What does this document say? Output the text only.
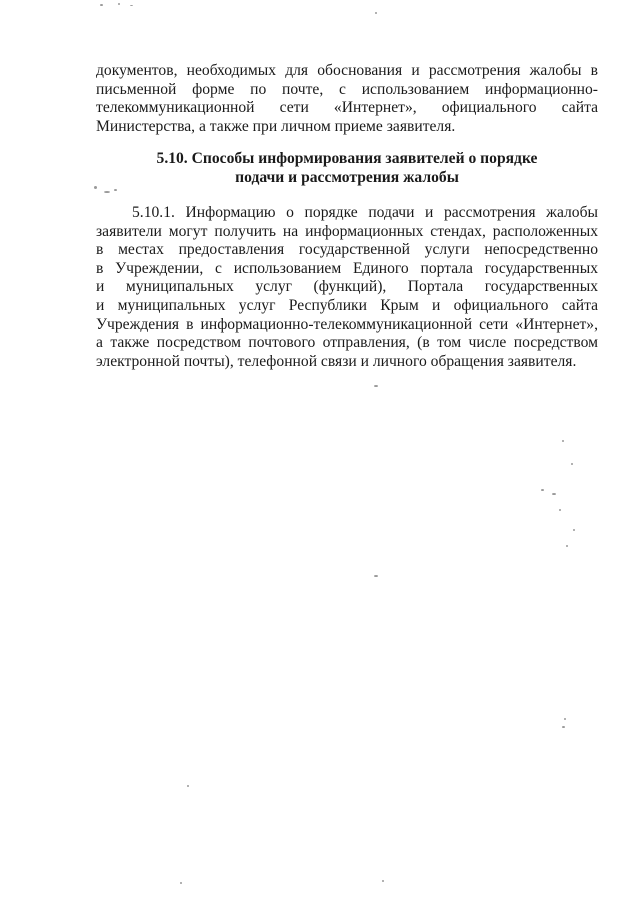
документов, необходимых для обоснования и рассмотрения жалобы в
письменной форме по почте, с использованием информационно-
телекоммуникационной сети «Интернет», официального сайта
Министерства, а также при личном приеме заявителя.
5.10. Способы информирования заявителей о порядке
подачи и рассмотрения жалобы
5.10.1. Информацию о порядке подачи и рассмотрения жалобы
заявители могут получить на информационных стендах, расположенных
в местах предоставления государственной услуги непосредственно
в Учреждении, с использованием Единого портала государственных
и муниципальных услуг (функций), Портала государственных
и муниципальных услуг Республики Крым и официального сайта
Учреждения в информационно-телекоммуникационной сети «Интернет»,
а также посредством почтового отправления, (в том числе посредством
электронной почты), телефонной связи и личного обращения заявителя.
